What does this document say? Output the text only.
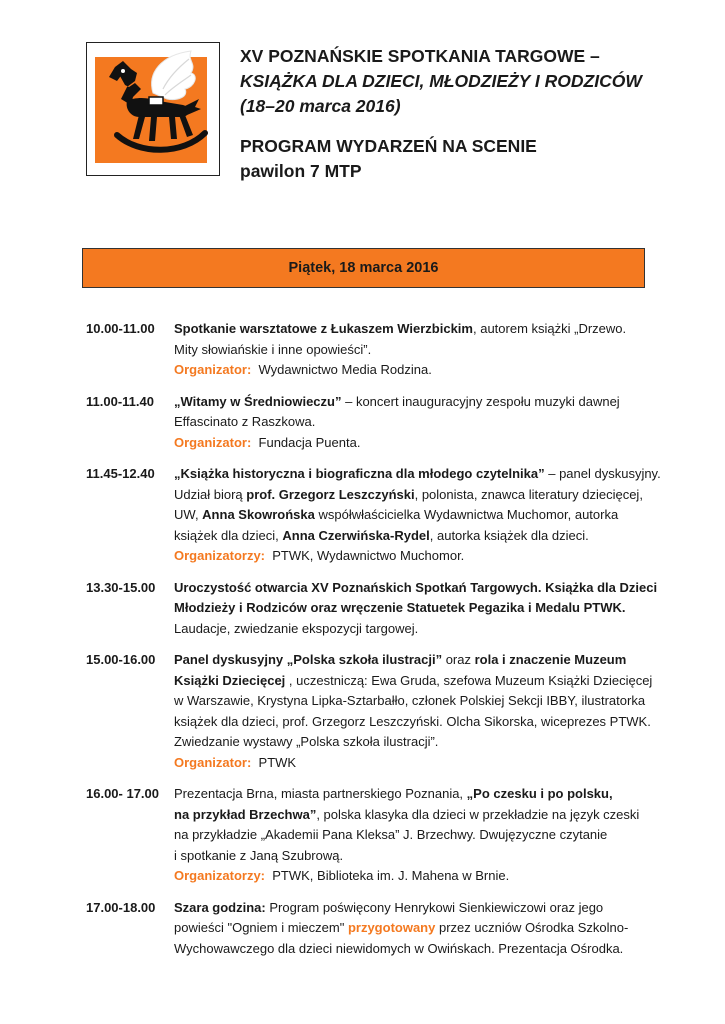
XV POZNAŃSKIE SPOTKANIA TARGOWE –
KSIĄŻKA DLA DZIECI, MŁODZIEŻY I RODZICÓW
(18–20 marca 2016)
PROGRAM WYDARZEŃ NA SCENIE
pawilon 7 MTP
Piątek, 18 marca 2016
10.00-11.00	Spotkanie warsztatowe z Łukaszem Wierzbickim, autorem książki „Drzewo.
Mity słowiańskie i inne opowieści”.
Organizator: Wydawnictwo Media Rodzina.
11.00-11.40	„Witamy w Średniowieczu” – koncert inauguracyjny zespołu muzyki dawnej
Effascinato z Raszkowa.
Organizator: Fundacja Puenta.
11.45-12.40	„Książka historyczna i biograficzna dla młodego czytelnika” – panel dyskusyjny.
Udział biorą prof. Grzegorz Leszczyński, polonista, znawca literatury dziecięcej,
UW, Anna Skowrońska współwłaścicielka Wydawnictwa Muchomor, autorka
książek dla dzieci, Anna Czerwińska-Rydel, autorka książek dla dzieci.
Organizatorzy: PTWK, Wydawnictwo Muchomor.
13.30-15.00	Uroczystość otwarcia XV Poznańskich Spotkań Targowych. Książka dla Dzieci
Młodzieży i Rodziców oraz wręczenie Statuetek Pegazika i Medalu PTWK.
Laudacje, zwiedzanie ekspozycji targowej.
15.00-16.00	Panel dyskusyjny „Polska szkoła ilustracji” oraz rola i znaczenie Muzeum
Książki Dziecięcej , uczestniczą: Ewa Gruda, szefowa Muzeum Książki Dziecięcej
w Warszawie, Krystyna Lipka-Sztarbałło, członek Polskiej Sekcji IBBY, ilustratorka
książek dla dzieci, prof. Grzegorz Leszczyński. Olcha Sikorska, wiceprezes PTWK.
Zwiedzanie wystawy „Polska szkoła ilustracji”.
Organizator: PTWK
16.00- 17.00	Prezentacja Brna, miasta partnerskiego Poznania, „Po czesku i po polsku,
na przykład Brzechwa”, polska klasyka dla dzieci w przekładzie na język czeski
na przykładzie „Akademii Pana Kleksa” J. Brzechwy. Dwujęzyczne czytanie
i spotkanie z Janą Szubrową.
Organizatorzy: PTWK, Biblioteka im. J. Mahena w Brnie.
17.00-18.00	Szara godzina: Program poświęcony Henrykowi Sienkiewiczowi oraz jego
powieści "Ogniem i mieczem" przygotowany przez uczniów Ośrodka Szkolno-
Wychowawczego dla dzieci niewidomych w Owińskach. Prezentacja Ośrodka.
